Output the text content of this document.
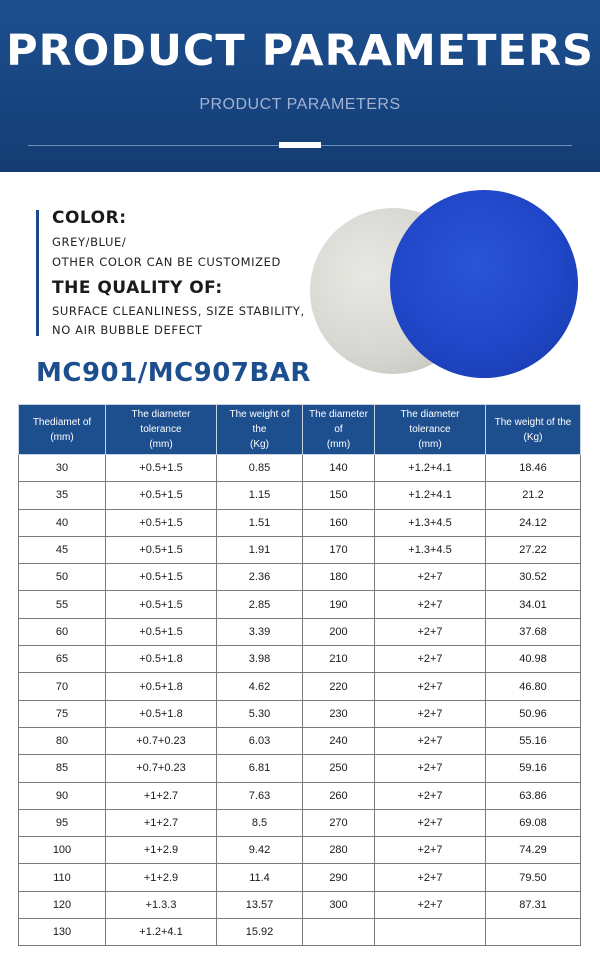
PRODUCT PARAMETERS
PRODUCT PARAMETERS
COLOR:
GREY/BLUE/
OTHER COLOR CAN BE CUSTOMIZED
THE QUALITY OF:
SURFACE CLEANLINESS, SIZE STABILITY,
NO AIR BUBBLE DEFECT
MC901/MC907BAR
Thediamet of
(mm)	The diameter
tolerance
(mm)	The weight of
the
(Kg)	The diameter
of
(mm)	The diameter
tolerance
(mm)	The weight of the
(Kg)
30	+0.5+1.5	0.85	140	+1.2+4.1	18.46
35	+0.5+1.5	1.15	150	+1.2+4.1	21.2
40	+0.5+1.5	1.51	160	+1.3+4.5	24.12
45	+0.5+1.5	1.91	170	+1.3+4.5	27.22
50	+0.5+1.5	2.36	180	+2+7	30.52
55	+0.5+1.5	2.85	190	+2+7	34.01
60	+0.5+1.5	3.39	200	+2+7	37.68
65	+0.5+1.8	3.98	210	+2+7	40.98
70	+0.5+1.8	4.62	220	+2+7	46.80
75	+0.5+1.8	5.30	230	+2+7	50.96
80	+0.7+0.23	6.03	240	+2+7	55.16
85	+0.7+0.23	6.81	250	+2+7	59.16
90	+1+2.7	7.63	260	+2+7	63.86
95	+1+2.7	8.5	270	+2+7	69.08
100	+1+2.9	9.42	280	+2+7	74.29
110	+1+2.9	11.4	290	+2+7	79.50
120	+1.3.3	13.57	300	+2+7	87.31
130	+1.2+4.1	15.92			
